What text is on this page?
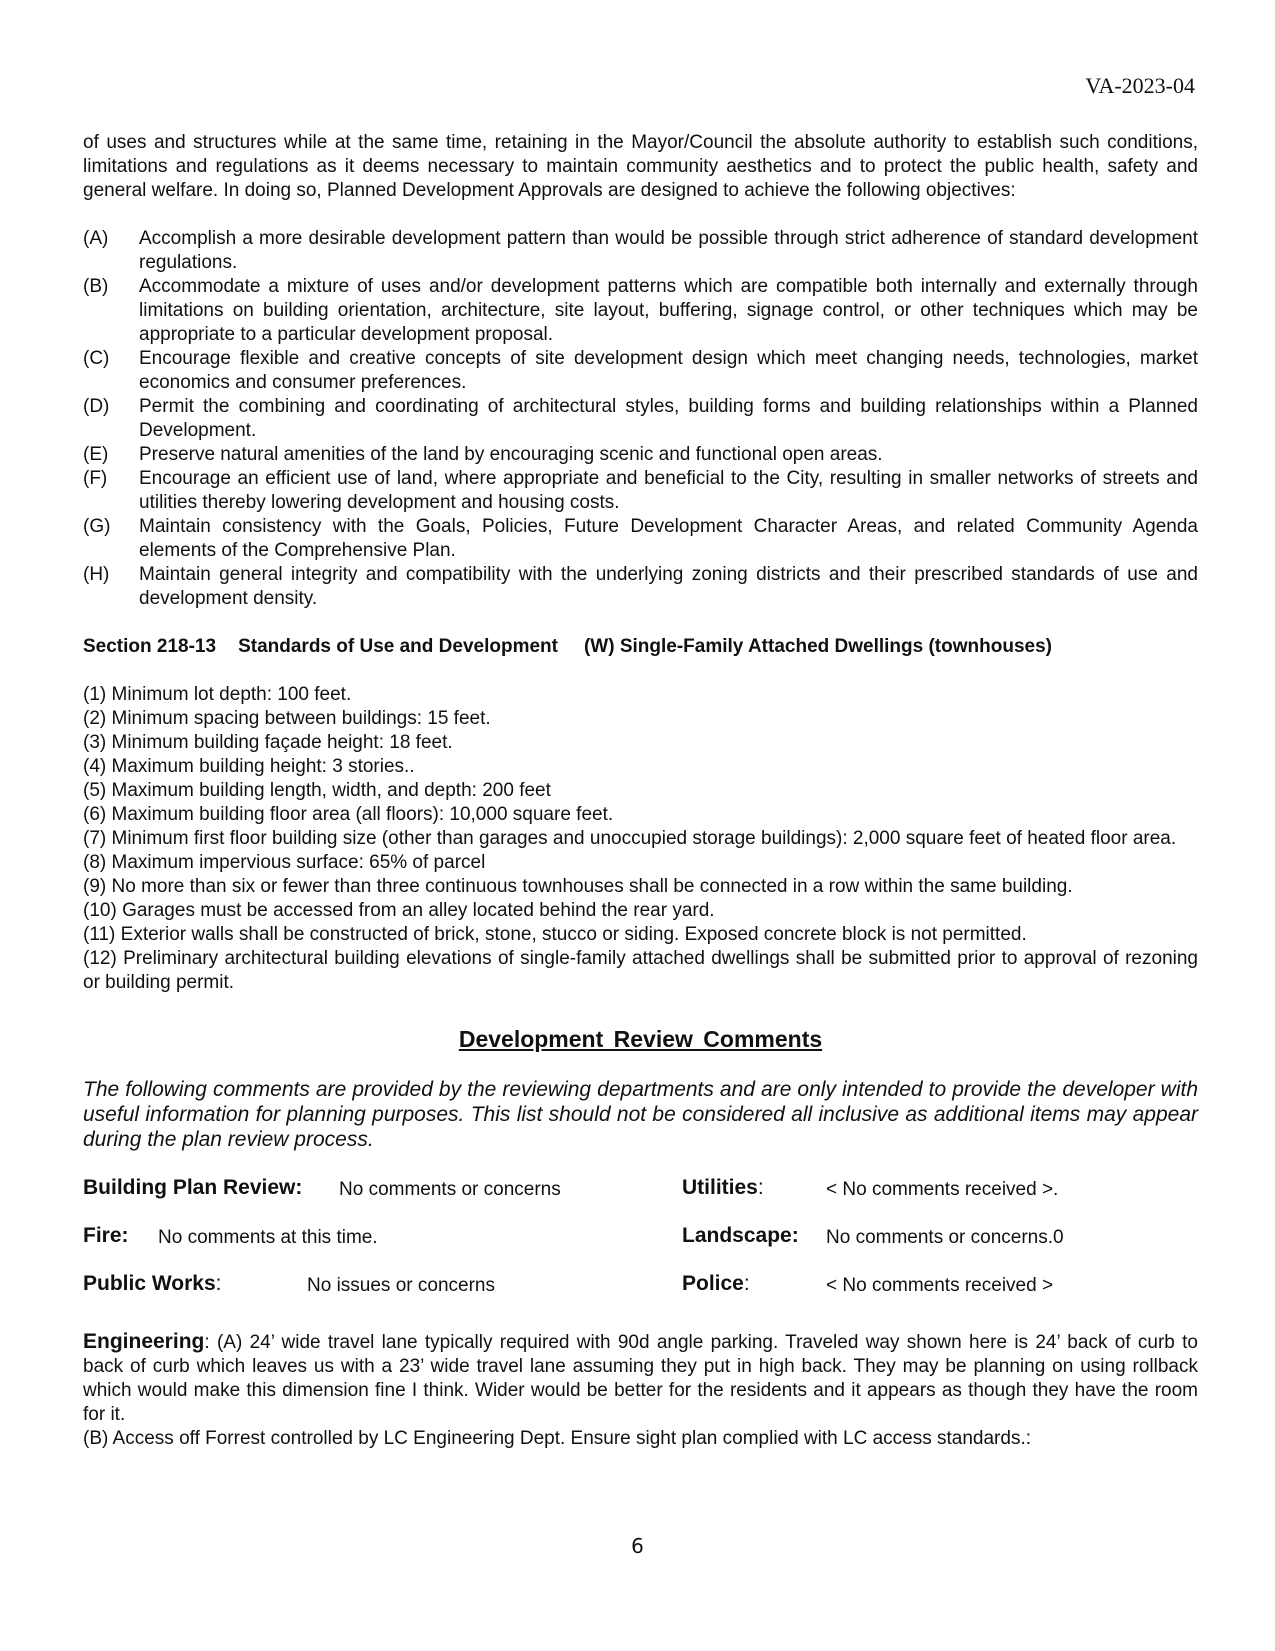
VA-2023-04

of uses and structures while at the same time, retaining in the Mayor/Council the absolute authority to establish such conditions, limitations and regulations as it deems necessary to maintain community aesthetics and to protect the public health, safety and general welfare. In doing so, Planned Development Approvals are designed to achieve the following objectives:

(A)	Accomplish a more desirable development pattern than would be possible through strict adherence of standard development regulations.
(B)	Accommodate a mixture of uses and/or development patterns which are compatible both internally and externally through limitations on building orientation, architecture, site layout, buffering, signage control, or other techniques which may be appropriate to a particular development proposal.
(C)	Encourage flexible and creative concepts of site development design which meet changing needs, technologies, market economics and consumer preferences.
(D)	Permit the combining and coordinating of architectural styles, building forms and building relationships within a Planned Development.
(E)	Preserve natural amenities of the land by encouraging scenic and functional open areas.
(F)	Encourage an efficient use of land, where appropriate and beneficial to the City, resulting in smaller networks of streets and utilities thereby lowering development and housing costs.
(G)	Maintain consistency with the Goals, Policies, Future Development Character Areas, and related Community Agenda elements of the Comprehensive Plan.
(H)	Maintain general integrity and compatibility with the underlying zoning districts and their prescribed standards of use and development density.
Section 218-13 Standards of Use and Development (W) Single-Family Attached Dwellings (townhouses)
(1) Minimum lot depth: 100 feet.
(2) Minimum spacing between buildings: 15 feet.
(3) Minimum building façade height: 18 feet.
(4) Maximum building height: 3 stories..
(5) Maximum building length, width, and depth: 200 feet
(6) Maximum building floor area (all floors): 10,000 square feet.
(7) Minimum first floor building size (other than garages and unoccupied storage buildings): 2,000 square feet of heated floor area.
(8) Maximum impervious surface: 65% of parcel
(9) No more than six or fewer than three continuous townhouses shall be connected in a row within the same building.
(10) Garages must be accessed from an alley located behind the rear yard.
(11) Exterior walls shall be constructed of brick, stone, stucco or siding. Exposed concrete block is not permitted.
(12) Preliminary architectural building elevations of single-family attached dwellings shall be submitted prior to approval of rezoning or building permit.
Development Review Comments

The following comments are provided by the reviewing departments and are only intended to provide the developer with useful information for planning purposes. This list should not be considered all inclusive as additional items may appear during the plan review process.

Building Plan Review: No comments or concerns	Utilities:	< No comments received >.
Fire: No comments at this time.	Landscape: No comments or concerns.0
Public Works:	No issues or concerns	Police:	< No comments received >

Engineering: (A) 24’ wide travel lane typically required with 90d angle parking. Traveled way shown here is 24’ back of curb to back of curb which leaves us with a 23’ wide travel lane assuming they put in high back. They may be planning on using rollback which would make this dimension fine I think. Wider would be better for the residents and it appears as though they have the room for it.

(B) Access off Forrest controlled by LC Engineering Dept. Ensure sight plan complied with LC access standards.:

6
